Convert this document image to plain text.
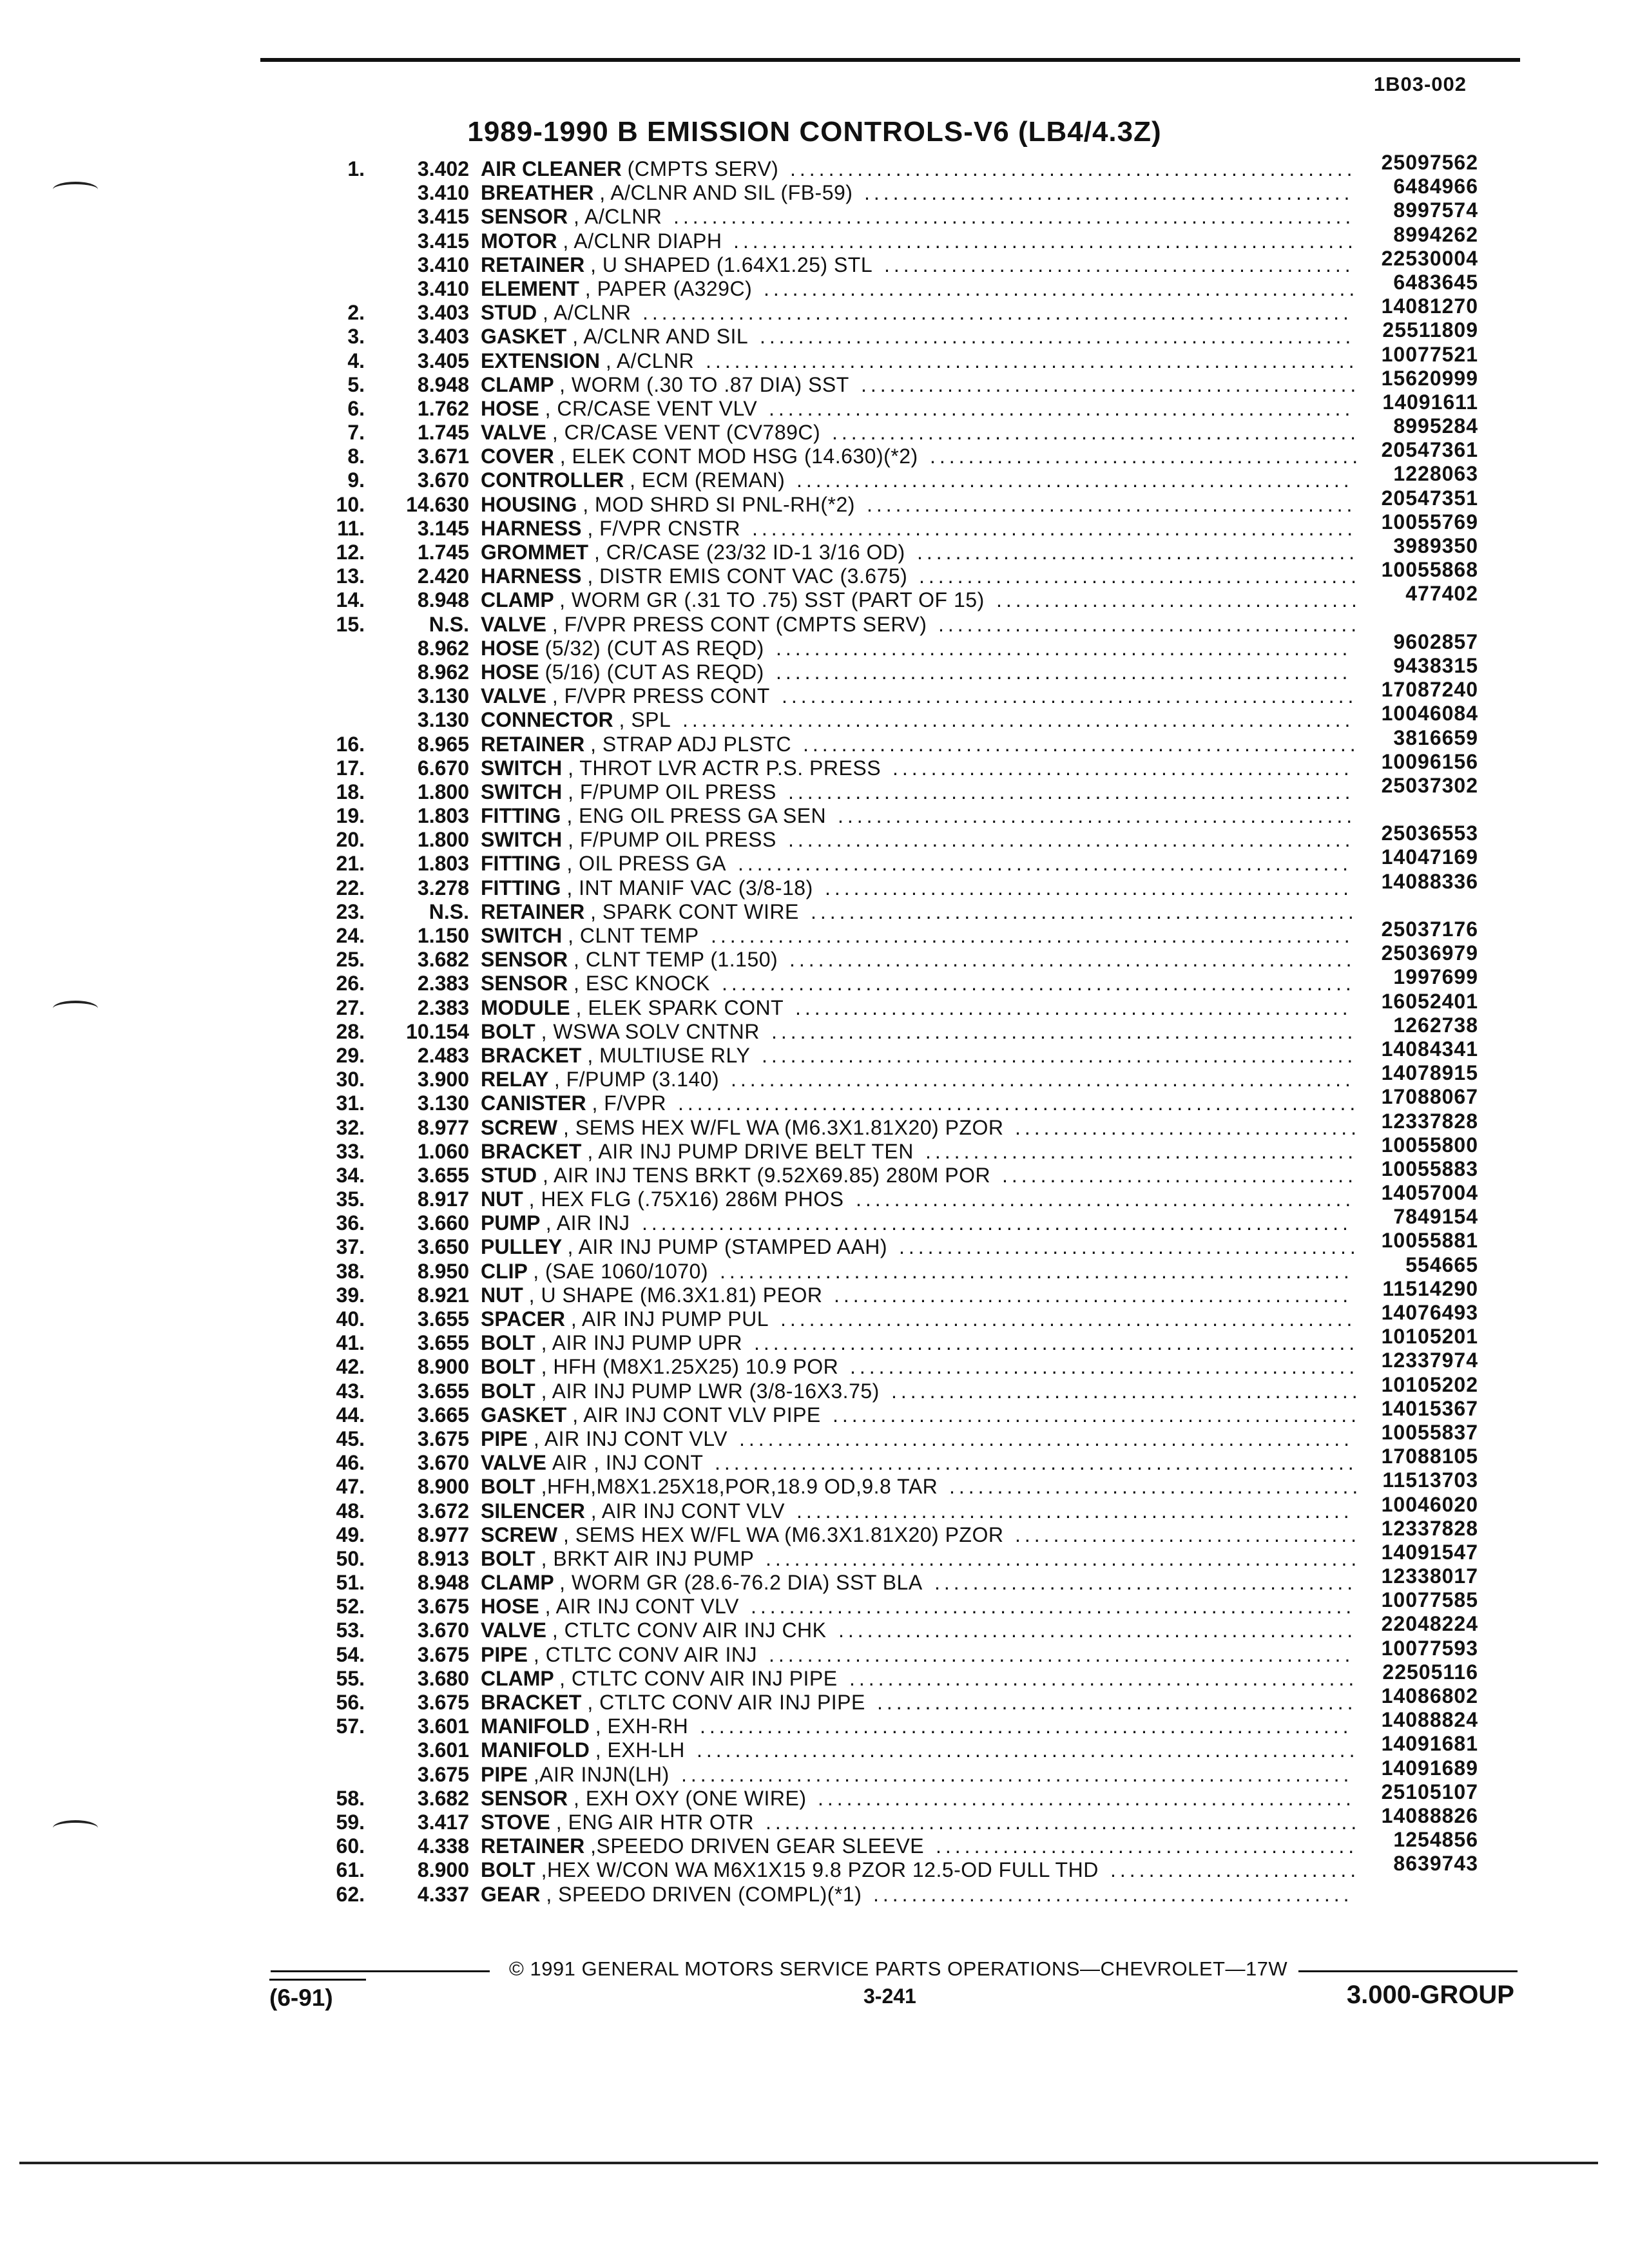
1B03-002
1989-1990 B EMISSION CONTROLS-V6 (LB4/4.3Z)
1.	3.402 AIR CLEANER (CMPTS SERV) ...........................................................	25097562
3.410 BREATHER , A/CLNR AND SIL (FB-59) ...................................................	6484966
3.415 SENSOR , A/CLNR .......................................................................	8997574
3.415 MOTOR , A/CLNR DIAPH .................................................................	8994262
3.410 RETAINER , U SHAPED (1.64X1.25) STL .................................................	22530004
3.410 ELEMENT , PAPER (A329C) ..............................................................	6483645
2.	3.403 STUD , A/CLNR ..........................................................................	14081270
3.	3.403 GASKET , A/CLNR AND SIL ..............................................................	25511809
4.	3.405 EXTENSION , A/CLNR ....................................................................	10077521
5.	8.948 CLAMP , WORM (.30 TO .87 DIA) SST .................................................... 15620999
6.	1.762 HOSE , CR/CASE VENT VLV .............................................................	14091611
7.	1.745 VALVE , CR/CASE VENT (CV789C) ....................................................... 8995284
8.	3.671 COVER , ELEK CONT MOD HSG (14.630)(*2) ............................................. 20547361
9.	3.670 CONTROLLER , ECM (REMAN) ..........................................................	1228063
10. 14.630 HOUSING , MOD SHRD SI PNL-RH(*2) ...................................................	20547351
11.	3.145 HARNESS , F/VPR CNSTR ...............................................................	10055769
12.	1.745 GROMMET , CR/CASE (23/32 ID-1 3/16 OD) ..............................................	3989350
13.	2.420 HARNESS , DISTR EMIS CONT VAC (3.675) .............................................. 10055868
14.	8.948 CLAMP , WORM GR (.31 TO .75) SST (PART OF 15) ...................................... 477402
15.	N.S. VALVE , F/VPR PRESS CONT (CMPTS SERV) ............................................
8.962 HOSE (5/32) (CUT AS REQD) ............................................................	9602857
8.962 HOSE (5/16) (CUT AS REQD) ............................................................	9438315
3.130 VALVE , F/VPR PRESS CONT ............................................................	17087240
3.130 CONNECTOR , SPL ......................................................................	10046084
16.	8.965 RETAINER , STRAP ADJ PLSTC .......................................................... 3816659
17.	6.670 SWITCH , THROT LVR ACTR P.S. PRESS ................................................	10096156
18.	1.800 SWITCH , F/PUMP OIL PRESS ...........................................................	25037302
19.	1.803 FITTING , ENG OIL PRESS GA SEN ......................................................
20.	1.800 SWITCH , F/PUMP OIL PRESS ...........................................................	25036553
21.	1.803 FITTING , OIL PRESS GA ................................................................	14047169
22.	3.278 FITTING , INT MANIF VAC (3/8-18) .......................................................	14088336
23.	N.S. RETAINER , SPARK CONT WIRE .........................................................
24.	1.150 SWITCH , CLNT TEMP ...................................................................	25037176
25.	3.682 SENSOR , CLNT TEMP (1.150) ...........................................................	25036979
26.	2.383 SENSOR , ESC KNOCK ..................................................................	1997699
27.	2.383 MODULE , ELEK SPARK CONT ..........................................................	16052401
28. 10.154 BOLT , WSWA SOLV CNTNR .............................................................	1262738
29.	2.483 BRACKET , MULTIUSE RLY ..............................................................	14084341
30.	3.900 RELAY , F/PUMP (3.140) .................................................................	14078915
31.	3.130 CANISTER , F/VPR ....................................................................... 17088067
32.	8.977 SCREW , SEMS HEX W/FL WA (M6.3X1.81X20) PZOR .................................... 12337828
33.	1.060 BRACKET , AIR INJ PUMP DRIVE BELT TEN .............................................	10055800
34.	3.655 STUD , AIR INJ TENS BRKT (9.52X69.85) 280M POR .....................................	10055883
35.	8.917 NUT , HEX FLG (.75X16) 286M PHOS ....................................................	14057004
36.	3.660 PUMP , AIR INJ ..........................................................................	7849154
37.	3.650 PULLEY , AIR INJ PUMP (STAMPED AAH) ................................................ 10055881
38.	8.950 CLIP , (SAE 1060/1070) ..................................................................	554665
39.	8.921 NUT , U SHAPE (M6.3X1.81) PEOR ......................................................	11514290
40.	3.655 SPACER , AIR INJ PUMP PUL ............................................................	14076493
41.	3.655 BOLT , AIR INJ PUMP UPR ...............................................................	10105201
42.	8.900 BOLT , HFH (M8X1.25X25) 10.9 POR .....................................................	12337974
43.	3.655 BOLT , AIR INJ PUMP LWR (3/8-16X3.75) ................................................. 10105202
44.	3.665 GASKET , AIR INJ CONT VLV PIPE ....................................................... 14015367
45.	3.675 PIPE , AIR INJ CONT VLV ................................................................	10055837
46.	3.670 VALVE AIR , INJ CONT ...................................................................	17088105
47.	8.900 BOLT ,HFH,M8X1.25X18,POR,18.9 OD,9.8 TAR ........................................... 11513703
48.	3.672 SILENCER , AIR INJ CONT VLV ..........................................................	10046020
49.	8.977 SCREW , SEMS HEX W/FL WA (M6.3X1.81X20) PZOR .................................... 12337828
50.	8.913 BOLT , BRKT AIR INJ PUMP .............................................................. 14091547
51.	8.948 CLAMP , WORM GR (28.6-76.2 DIA) SST BLA ............................................	12338017
52.	3.675 HOSE , AIR INJ CONT VLV ...............................................................	10077585
53.	3.670 VALVE , CTLTC CONV AIR INJ CHK ......................................................	22048224
54.	3.675 PIPE , CTLTC CONV AIR INJ .............................................................	10077593
55.	3.680 CLAMP , CTLTC CONV AIR INJ PIPE .....................................................	22505116
56.	3.675 BRACKET , CTLTC CONV AIR INJ PIPE ..................................................	14086802
57.	3.601 MANIFOLD , EXH-RH ....................................................................	14088824
3.601 MANIFOLD , EXH-LH ..................................................................... 14091681
3.675 PIPE ,AIR INJN(LH) ......................................................................	14091689
58.	3.682 SENSOR , EXH OXY (ONE WIRE) ........................................................	25105107
59.	3.417 STOVE , ENG AIR HTR OTR .............................................................. 14088826
60.	4.338 RETAINER ,SPEEDO DRIVEN GEAR SLEEVE ............................................	1254856
61.	8.900 BOLT ,HEX W/CON WA M6X1X15 9.8 PZOR 12.5-OD FULL THD .......................... 8639743
62.	4.337 GEAR , SPEEDO DRIVEN (COMPL)(*1) ..................................................
© 1991 GENERAL MOTORS SERVICE PARTS OPERATIONS—CHEVROLET—17W
(6-91)	3-241	3.000-GROUP
